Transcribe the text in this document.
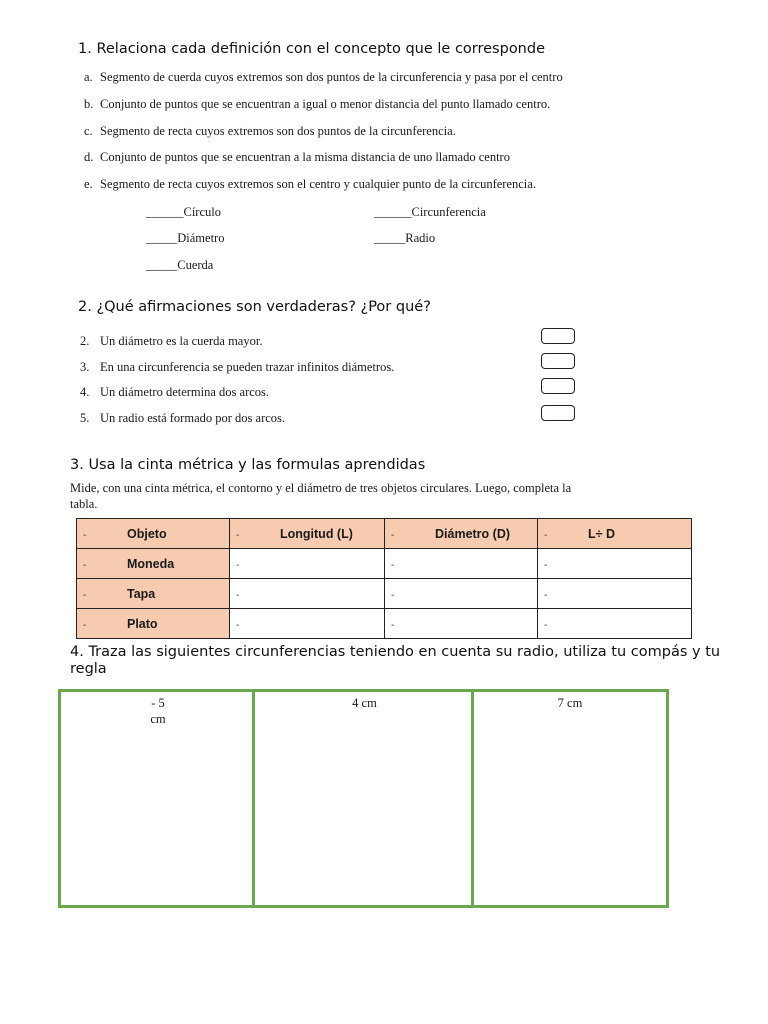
1. Relaciona cada definición con el concepto que le corresponde
a. Segmento de cuerda cuyos extremos son dos puntos de la circunferencia y pasa por el centro
b. Conjunto de puntos que se encuentran a igual o menor distancia del punto llamado centro.
c. Segmento de recta cuyos extremos son dos puntos de la circunferencia.
d. Conjunto de puntos que se encuentran a la misma distancia de uno llamado centro
e. Segmento de recta cuyos extremos son el centro y cualquier punto de la circunferencia.
______Círculo	______Circunferencia
_____Diámetro	_____Radio
_____Cuerda
2. ¿Qué afirmaciones son verdaderas? ¿Por qué?
2. Un diámetro es la cuerda mayor.
3. En una circunferencia se pueden trazar infinitos diámetros.
4. Un diámetro determina dos arcos.
5. Un radio está formado por dos arcos.
3. Usa la cinta métrica y las formulas aprendidas
Mide, con una cinta métrica, el contorno y el diámetro de tres objetos circulares. Luego, completa la
tabla.
- Objeto	- Longitud (L)	- Diámetro (D)	- L÷ D
- Moneda	-	-	-
- Tapa	-	-	-
- Plato	-	-	-
4. Traza las siguientes circunferencias teniendo en cuenta su radio, utiliza tu compás y tu
regla
- 5
cm
4 cm	7 cm
